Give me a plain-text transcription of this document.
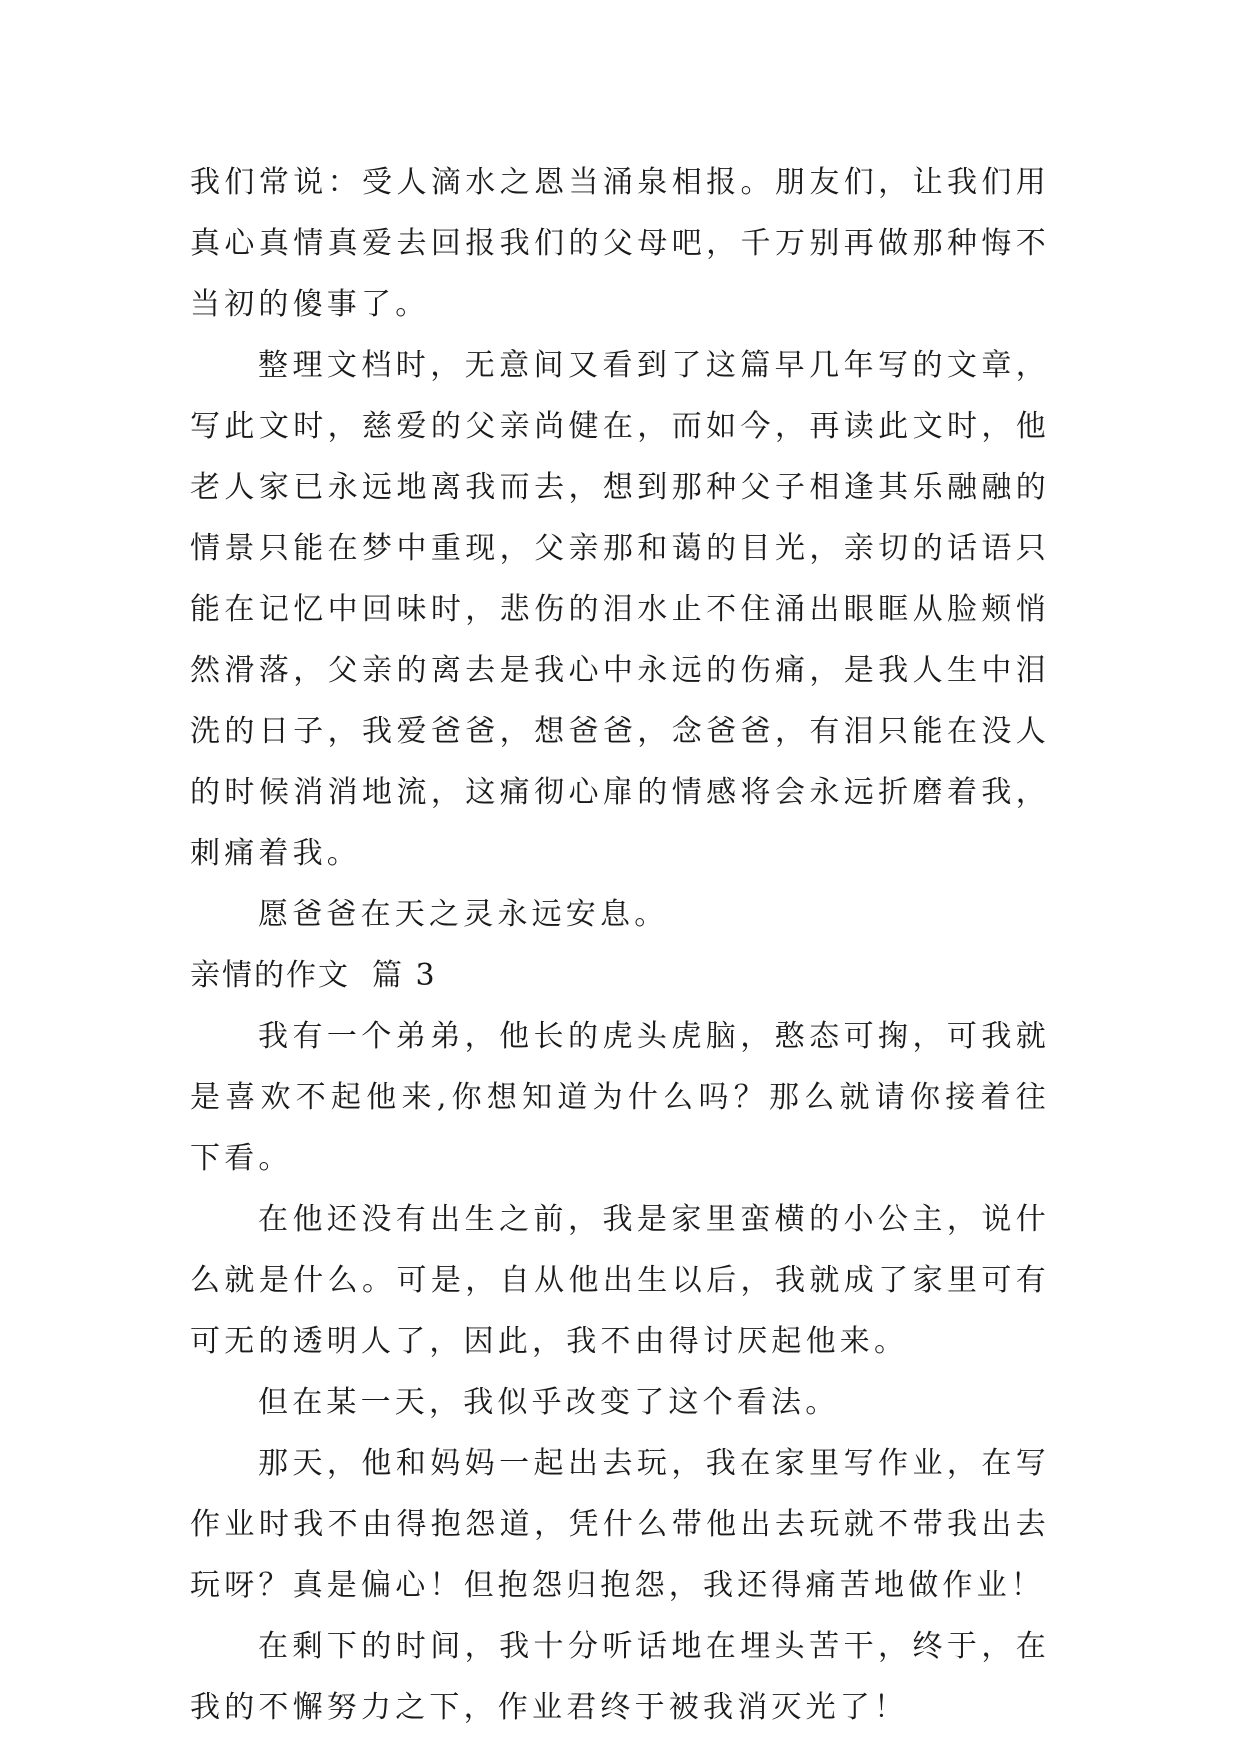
我们常说：受人滴水之恩当涌泉相报。朋友们，让我们用真心真情真爱去回报我们的父母吧，千万别再做那种悔不当初的傻事了。

整理文档时，无意间又看到了这篇早几年写的文章，写此文时，慈爱的父亲尚健在，而如今，再读此文时，他老人家已永远地离我而去，想到那种父子相逢其乐融融的情景只能在梦中重现，父亲那和蔼的目光，亲切的话语只能在记忆中回味时，悲伤的泪水止不住涌出眼眶从脸颊悄然滑落，父亲的离去是我心中永远的伤痛，是我人生中泪洗的日子，我爱爸爸，想爸爸，念爸爸，有泪只能在没人的时候消消地流，这痛彻心扉的情感将会永远折磨着我，刺痛着我。

愿爸爸在天之灵永远安息。

亲情的作文 篇 3

我有一个弟弟，他长的虎头虎脑，憨态可掬，可我就是喜欢不起他来,你想知道为什么吗？那么就请你接着往下看。

在他还没有出生之前，我是家里蛮横的小公主，说什么就是什么。可是，自从他出生以后，我就成了家里可有可无的透明人了，因此，我不由得讨厌起他来。

但在某一天，我似乎改变了这个看法。

那天，他和妈妈一起出去玩，我在家里写作业，在写作业时我不由得抱怨道，凭什么带他出去玩就不带我出去玩呀？真是偏心！但抱怨归抱怨，我还得痛苦地做作业！

在剩下的时间，我十分听话地在埋头苦干，终于，在我的不懈努力之下，作业君终于被我消灭光了！
